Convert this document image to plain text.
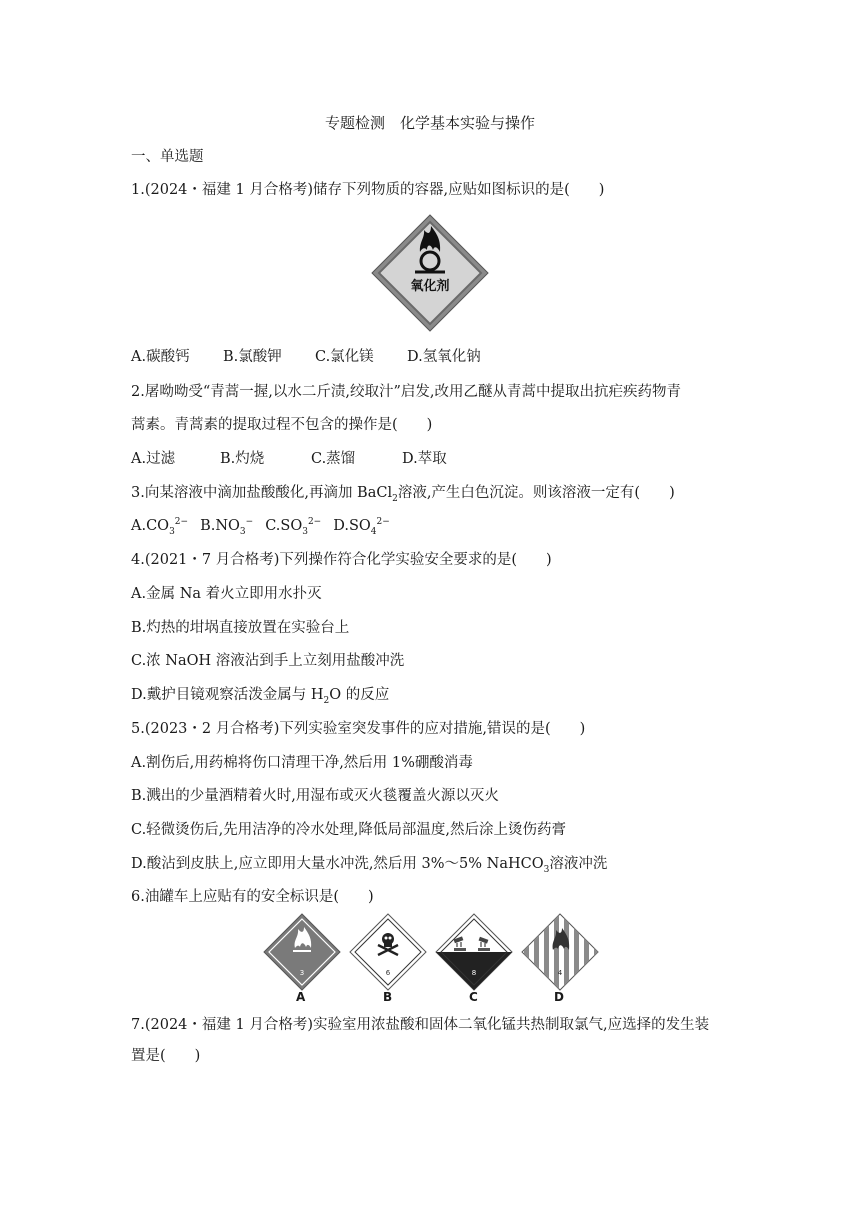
专题检测　化学基本实验与操作
一、单选题
1.(2024・福建 1 月合格考)储存下列物质的容器,应贴如图标识的是(　　)
氧化剂
A.碳酸钙 B.氯酸钾 C.氯化镁 D.氢氧化钠
2.屠呦呦受“青蒿一握,以水二斤渍,绞取汁”启发,改用乙醚从青蒿中提取出抗疟疾药物青
蒿素。青蒿素的提取过程不包含的操作是(　　)
A.过滤	B.灼烧	C.蒸馏	D.萃取
3.向某溶液中滴加盐酸酸化,再滴加 BaCl$_2$溶液,产生白色沉淀。则该溶液一定有(　　)
$A.CO_3^{2-}$ $B.NO_3^-$ $C.SO_3^{2-}$ $D.SO_4^{2-}$
4.(2021・7 月合格考)下列操作符合化学实验安全要求的是(　　)
A.金属 Na 着火立即用水扑灭
B.灼热的坩埚直接放置在实验台上
C.浓 NaOH 溶液沾到手上立刻用盐酸冲洗
D.戴护目镜观察活泼金属与 $H_2O$ 的反应
5.(2023・2 月合格考)下列实验室突发事件的应对措施,错误的是(　　)
A.割伤后,用药棉将伤口清理干净,然后用 1%硼酸消毒
B.溅出的少量酒精着火时,用湿布或灭火毯覆盖火源以灭火
C.轻微烫伤后,先用洁净的冷水处理,降低局部温度,然后涂上烫伤药膏
D.酸沾到皮肤上,应立即用大量水冲洗,然后用 3%～5% NaHCO$_3$溶液冲洗
6.油罐车上应贴有的安全标识是(　　)
3	6	8	4
A	B	C	D
7.(2024・福建 1 月合格考)实验室用浓盐酸和固体二氧化锰共热制取氯气,应选择的发生装
置是(　　)
